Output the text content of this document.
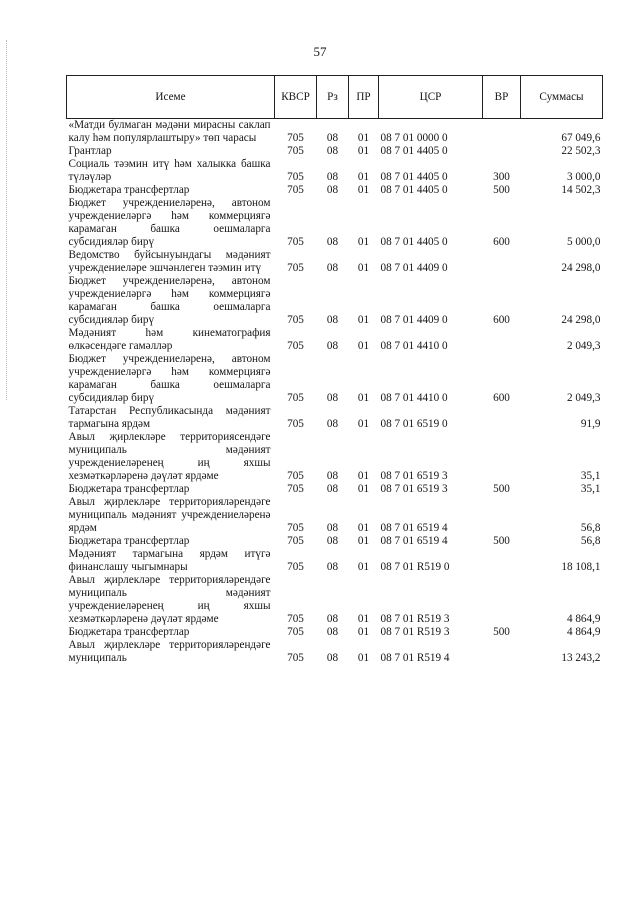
57
Исеме	КВСР	Рз	ПР	ЦСР	ВР	Суммасы
«Матди булмаган мәдәни мирасны саклап калу һәм популярлаштыру» төп чарасы	705	08	01	08 7 01 0000 0		67 049,6
Грантлар	705	08	01	08 7 01 4405 0		22 502,3
Социаль тәэмин итү һәм халыкка башка түләүләр	705	08	01	08 7 01 4405 0	300	3 000,0
Бюджетара трансфертлар	705	08	01	08 7 01 4405 0	500	14 502,3
Бюджет учреждениеләренә, автоном учреждениеләргә һәм коммерциягә карамаган башка оешмаларга субсидияләр бирү	705	08	01	08 7 01 4405 0	600	5 000,0
Ведомство буйсынуындагы мәдәният учреждениеләре эшчәнлеген тәэмин итү	705	08	01	08 7 01 4409 0		24 298,0
Бюджет учреждениеләренә, автоном учреждениеләргә һәм коммерциягә карамаган башка оешмаларга субсидияләр бирү	705	08	01	08 7 01 4409 0	600	24 298,0
Мәдәният һәм кинематография өлкәсендәге гамәлләр	705	08	01	08 7 01 4410 0		2 049,3
Бюджет учреждениеләренә, автоном учреждениеләргә һәм коммерциягә карамаган башка оешмаларга субсидияләр бирү	705	08	01	08 7 01 4410 0	600	2 049,3
Татарстан Республикасында мәдәният тармагына ярдәм	705	08	01	08 7 01 6519 0		91,9
Авыл җирлекләре территориясендәге муниципаль мәдәният учреждениеләренең иң яхшы хезмәткәрләренә дәүләт ярдәме	705	08	01	08 7 01 6519 3		35,1
Бюджетара трансфертлар	705	08	01	08 7 01 6519 3	500	35,1
Авыл җирлекләре территорияләрендәге муниципаль мәдәният учреждениеләренә ярдәм	705	08	01	08 7 01 6519 4		56,8
Бюджетара трансфертлар	705	08	01	08 7 01 6519 4	500	56,8
Мәдәният тармагына ярдәм итүгә финанслашу чыгымнары	705	08	01	08 7 01 R519 0		18 108,1
Авыл җирлекләре территорияләрендәге муниципаль мәдәният учреждениеләренең иң яхшы хезмәткәрләренә дәүләт ярдәме	705	08	01	08 7 01 R519 3		4 864,9
Бюджетара трансфертлар	705	08	01	08 7 01 R519 3	500	4 864,9
Авыл җирлекләре территорияләрендәге муниципаль	705	08	01	08 7 01 R519 4		13 243,2
